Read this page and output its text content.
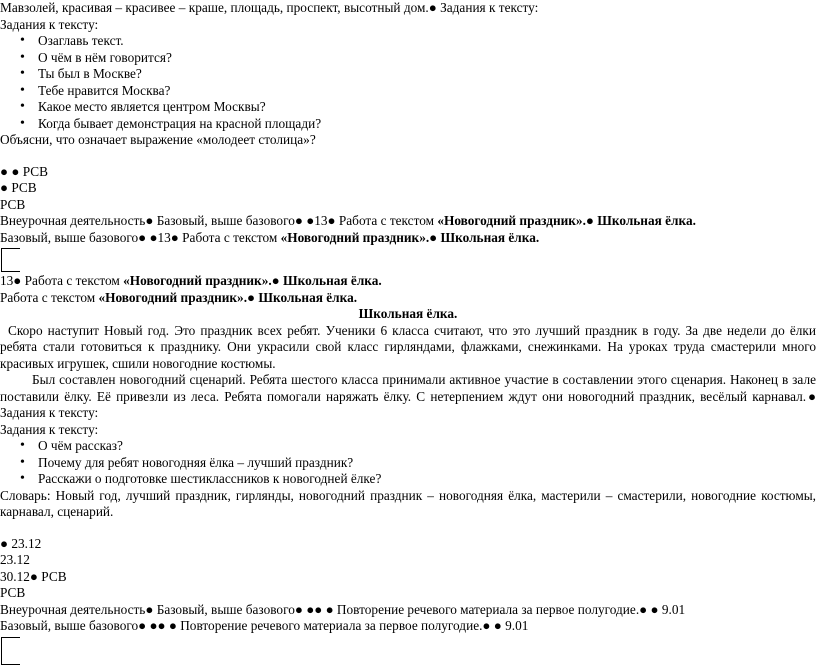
Мавзолей, красивая – красивее – краше, площадь, проспект, высотный дом.● Задания к тексту:
Задания к тексту:
• Озаглавь текст.
• О чём в нём говорится?
• Ты был в Москве?
• Тебе нравится Москва?
• Какое место является центром Москвы?
• Когда бывает демонстрация на красной площади?
Объясни, что означает выражение «молодеет столица»?
● ● РСВ
● РСВ
РСВ
Внеурочная деятельность● Базовый, выше базового● ●13● Работа с текстом «Новогодний праздник».● Школьная ёлка.
Базовый, выше базового● ●13● Работа с текстом «Новогодний праздник».● Школьная ёлка.
13● Работа с текстом «Новогодний праздник».● Школьная ёлка.
Работа с текстом «Новогодний праздник».● Школьная ёлка.
Школьная ёлка.
Скоро наступит Новый год. Это праздник всех ребят. Ученики 6 класса считают, что это лучший праздник в году. За две недели до ёлки ребята стали готовиться к празднику. Они украсили свой класс гирляндами, флажками, снежинками. На уроках труда смастерили много красивых игрушек, сшили новогодние костюмы.
Был составлен новогодний сценарий. Ребята шестого класса принимали активное участие в составлении этого сценария. Наконец в зале поставили ёлку. Её привезли из леса. Ребята помогали наряжать ёлку. С нетерпением ждут они новогодний праздник, весёлый карнавал.● Задания к тексту:
Задания к тексту:
• О чём рассказ?
• Почему для ребят новогодняя ёлка – лучший праздник?
• Расскажи о подготовке шестиклассников к новогодней ёлке?
Словарь: Новый год, лучший праздник, гирлянды, новогодний праздник – новогодняя ёлка, мастерили – смастерили, новогодние костюмы, карнавал, сценарий.
● 23.12
23.12
30.12● РСВ
РСВ
Внеурочная деятельность● Базовый, выше базового● ●● ● Повторение речевого материала за первое полугодие.● ● 9.01
Базовый, выше базового● ●● ● Повторение речевого материала за первое полугодие.● ● 9.01
